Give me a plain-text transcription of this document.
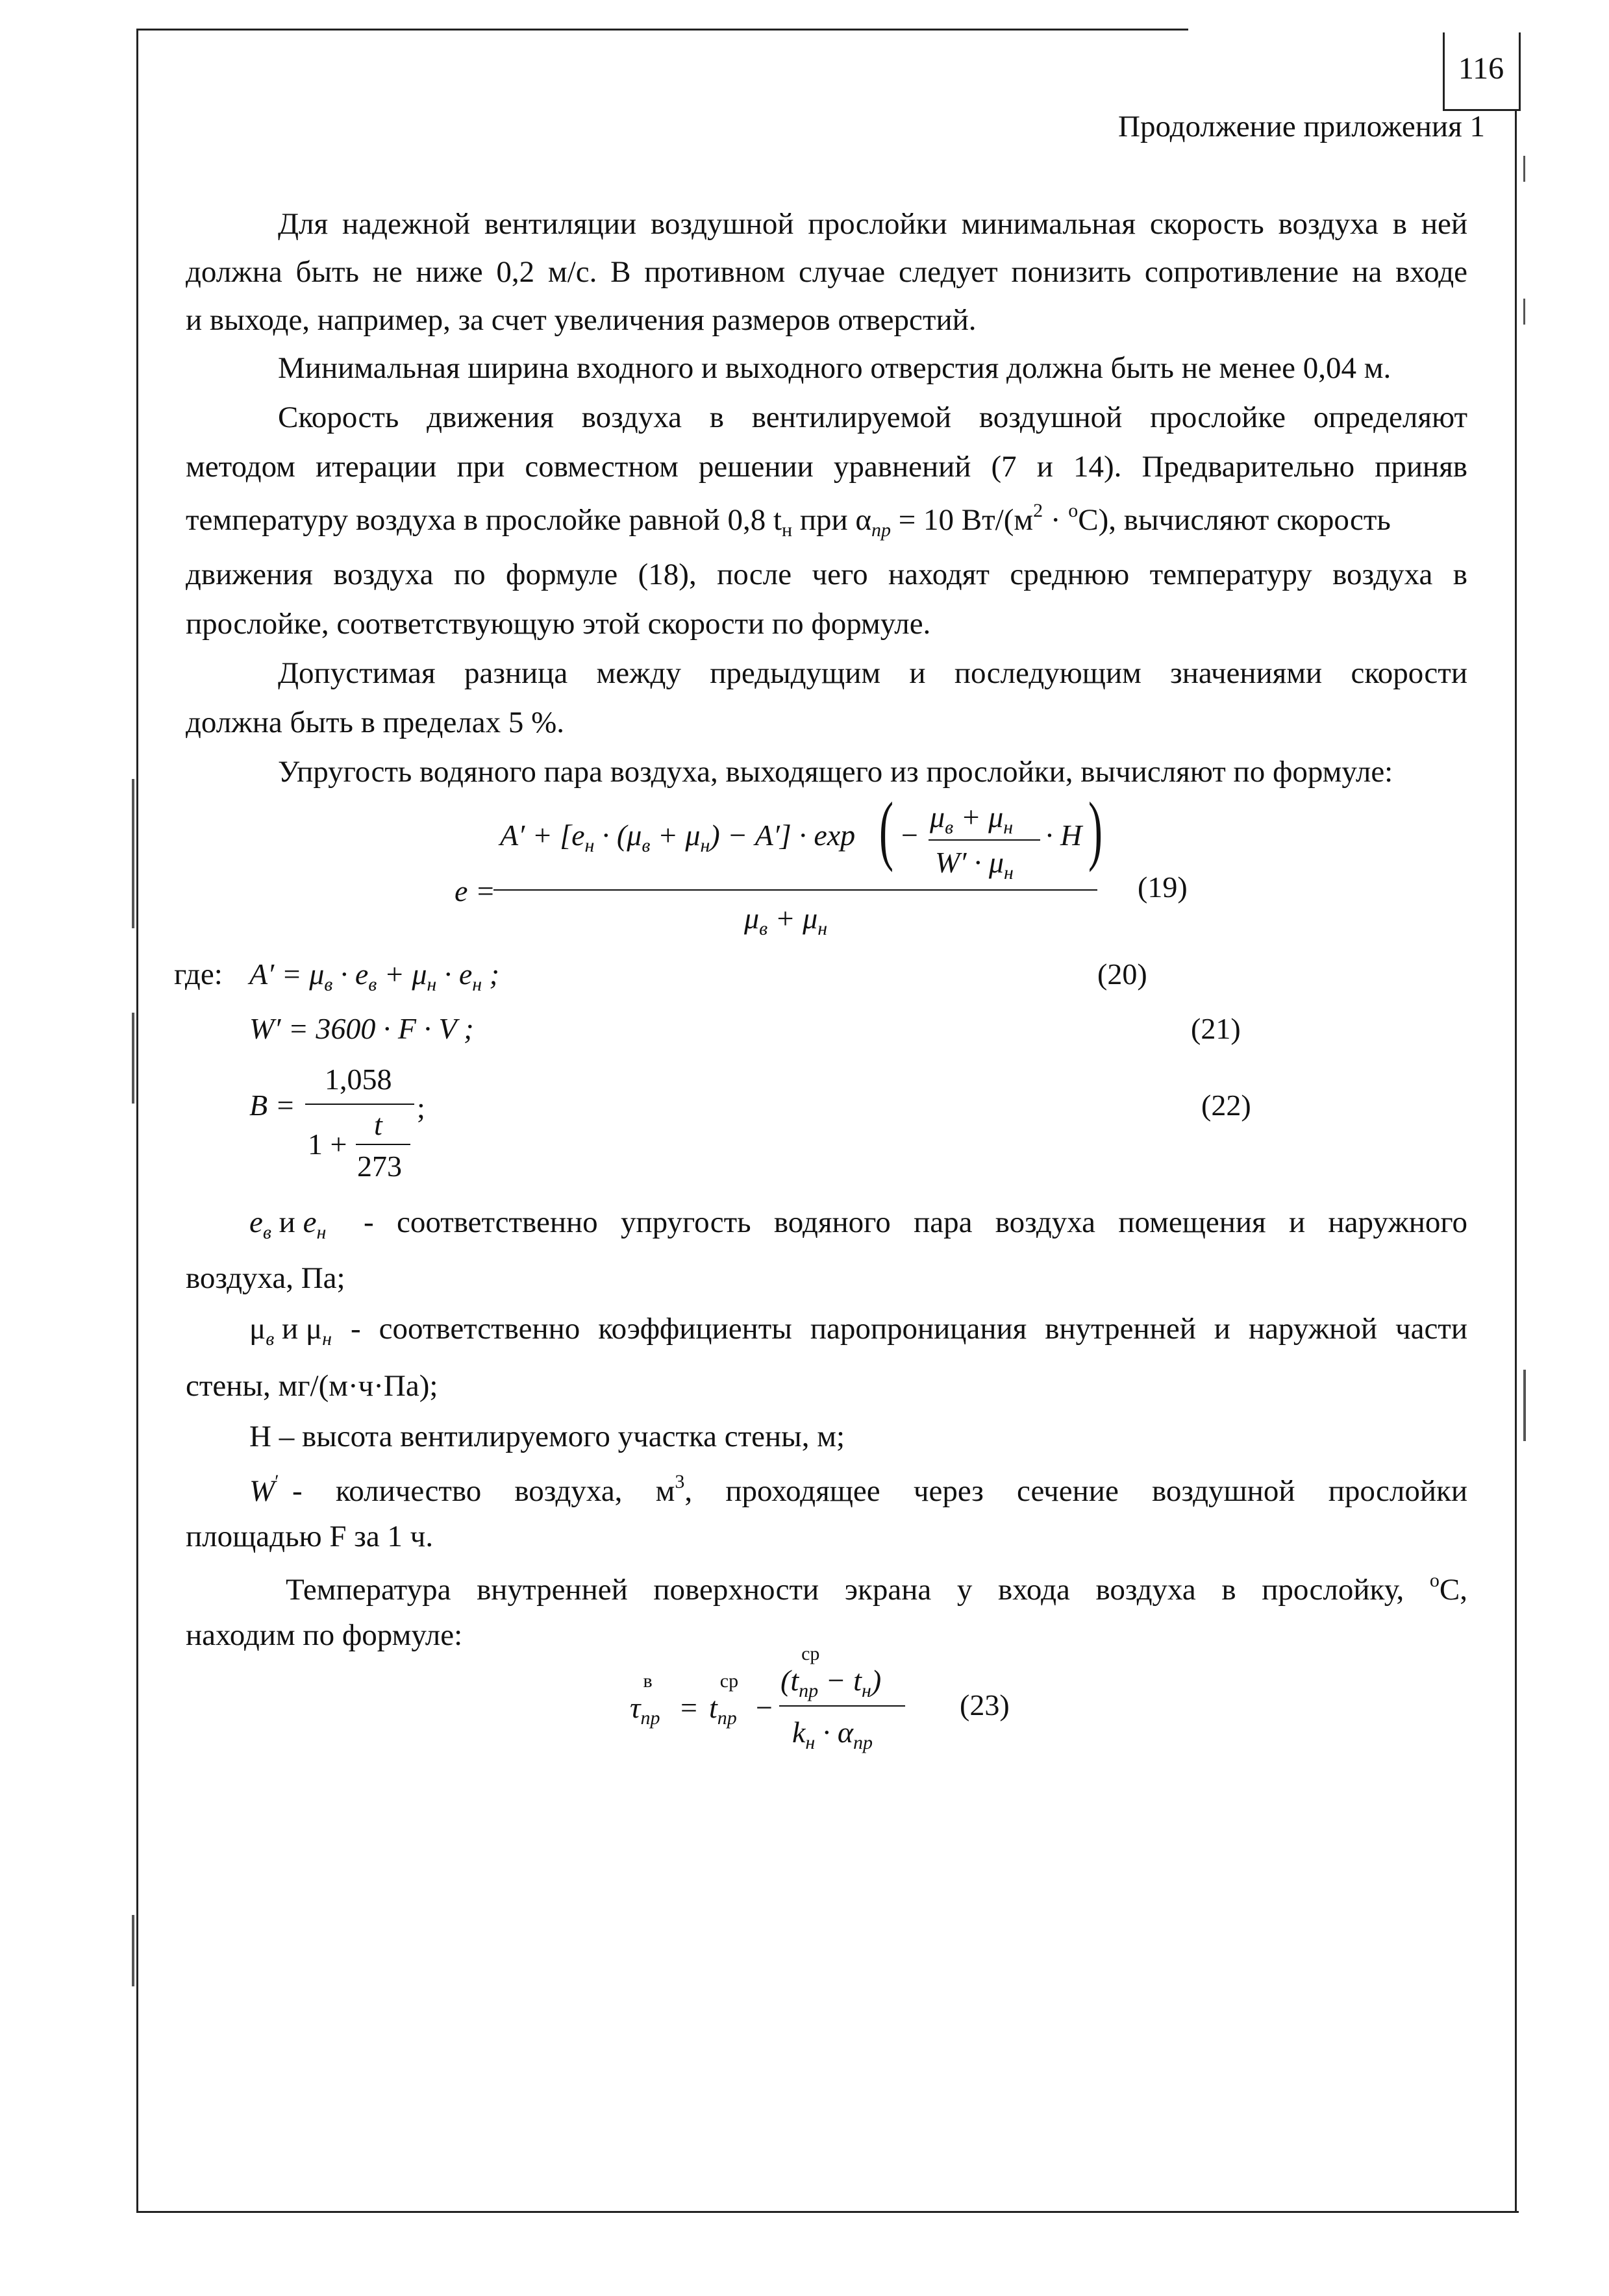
116
Продолжение приложения 1
Для надежной вентиляции воздушной прослойки минимальная скорость воздуха в ней
должна быть не ниже 0,2 м/с. В противном случае следует понизить сопротивление на входе
и выходе, например, за счет увеличения размеров отверстий.
Минимальная ширина входного и выходного отверстия должна быть не менее 0,04 м.
Скорость движения воздуха в вентилируемой воздушной прослойке определяют
методом итерации при совместном решении уравнений (7 и 14). Предварительно приняв
температуру воздуха в прослойке равной 0,8 $t_н$ при $\alpha_{пр} = 10$ $Вт/(м^2 \cdot ^oС)$, вычисляют скорость
движения воздуха по формуле (18), после чего находят среднюю температуру воздуха в
прослойке, соответствующую этой скорости по формуле.
Допустимая разница между предыдущим и последующим значениями скорости
должна быть в пределах 5 %.
Упругость водяного пара воздуха, выходящего из прослойки, вычисляют по формуле:
e =
$A' + [e_н \cdot (\mu_в + \mu_н) - A'] \cdot \exp$ ( −
$\mu_в + \mu_н$
$W' \cdot \mu_н$
· H )
$\mu_в + \mu_н$
(19)
где: $A' = \mu_в \cdot e_в + \mu_н \cdot e_н$ ;	(20)
W′ = 3600 · F · V ;	(21)
B =
1,058
1 +
t
273
;	(22)
$е_в$ и $е_н$ - соответственно упругость водяного пара воздуха помещения и наружного
воздуха, Па;
$\mu_в$ и $\mu_н$ - соответственно коэффициенты паропроницания внутренней и наружной части
стены, мг/(м·ч·Па);
Н – высота вентилируемого участка стены, м;
W′ - количество воздуха, $м^3$, проходящее через сечение воздушной прослойки
площадью F за 1 ч.
Температура внутренней поверхности экрана у входа воздуха в прослойку, $^o$С,
находим по формуле:
τ
в
$_{пр}$ = t
ср
$_{пр}$ −
(t
ср
$_{пр} - t_н$)
$k_н \cdot \alpha_{пр}$
(23)
